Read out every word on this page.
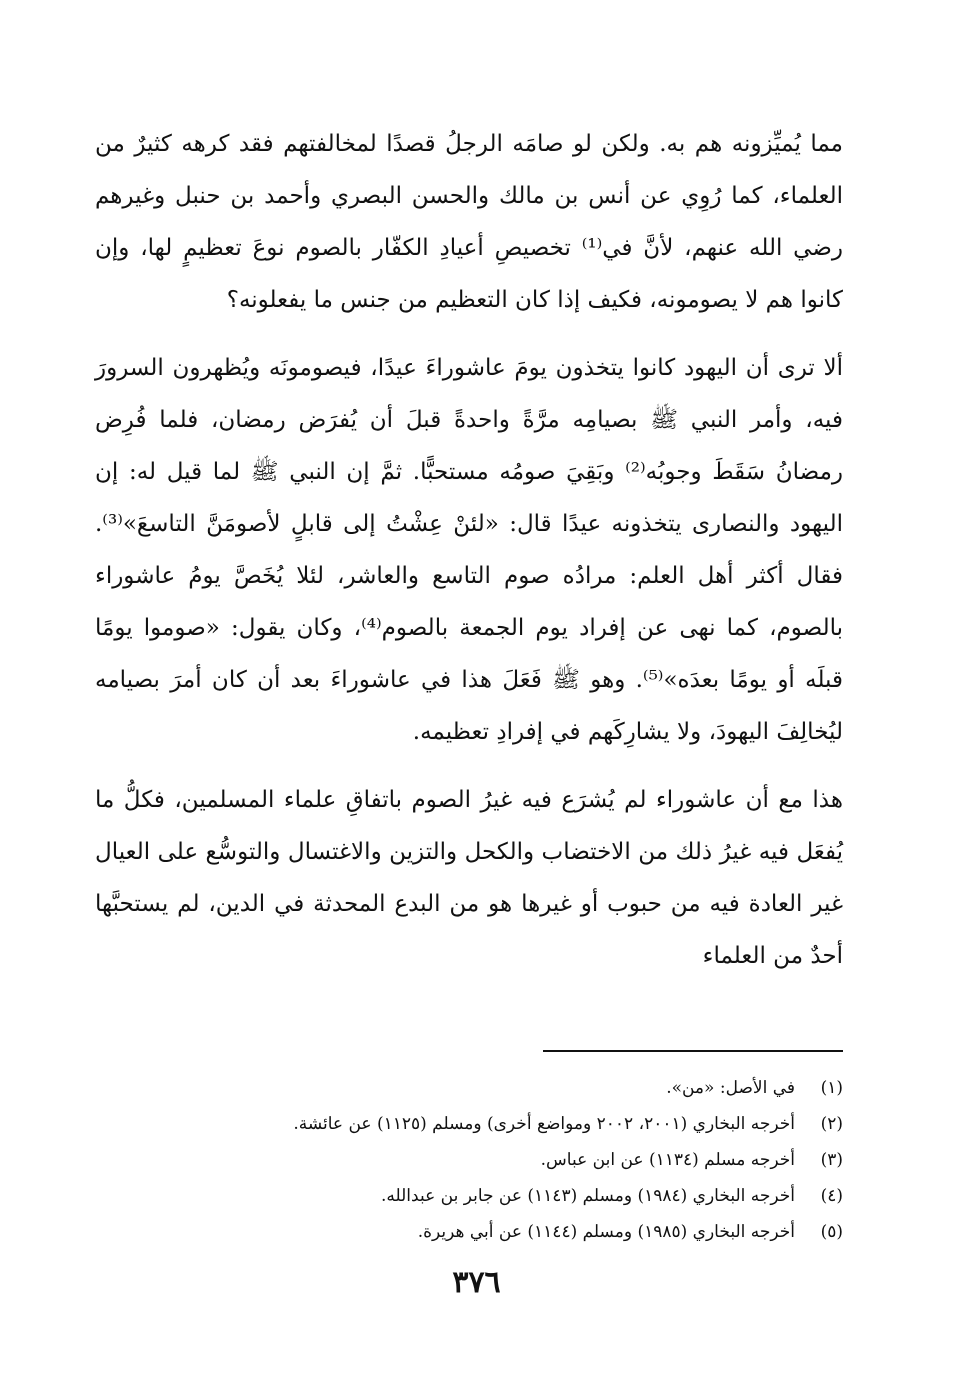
مما يُميِّزونه هم به. ولكن لو صامَه الرجلُ قصدًا لمخالفتهم فقد كرهه كثيرٌ من العلماء، كما رُوِي عن أنس بن مالك والحسن البصري وأحمد بن حنبل وغيرهم رضي الله عنهم، لأنَّ في⁽¹⁾ تخصيصِ أعيادِ الكفّار بالصوم نوعَ تعظيمٍ لها، وإن كانوا هم لا يصومونه، فكيف إذا كان التعظيم من جنس ما يفعلونه؟

ألا ترى أن اليهود كانوا يتخذون يومَ عاشوراءَ عيدًا، فيصومونَه ويُظهرون السرورَ فيه، وأمر النبي ﷺ بصيامِه مرَّةً واحدةً قبلَ أن يُفرَض رمضان، فلما فُرِض رمضانُ سَقَطَ وجوبُه⁽²⁾ وبَقِيَ صومُه مستحبًّا. ثمَّ إن النبي ﷺ لما قيل له: إن اليهود والنصارى يتخذونه عيدًا قال: «لئنْ عِشْتُ إلى قابلٍ لأصومَنَّ التاسعَ»⁽³⁾. فقال أكثر أهل العلم: مرادُه صوم التاسع والعاشر، لئلا يُخَصَّ يومُ عاشوراء بالصوم، كما نهى عن إفراد يوم الجمعة بالصوم⁽⁴⁾، وكان يقول: «صوموا يومًا قبلَه أو يومًا بعدَه»⁽⁵⁾. وهو ﷺ فَعَلَ هذا في عاشوراءَ بعد أن كان أمرَ بصيامه ليُخالِفَ اليهودَ، ولا يشارِكَهم في إفرادِ تعظيمه.

هذا مع أن عاشوراء لم يُشرَع فيه غيرُ الصوم باتفاقِ علماء المسلمين، فكلُّ ما يُفعَل فيه غيرُ ذلك من الاختضاب والكحل والتزين والاغتسال والتوسُّع على العيال غير العادة فيه من حبوب أو غيرها هو من البدع المحدثة في الدين، لم يستحبَّها أحدٌ من العلماء

(١)في الأصل: «من».
(٢)أخرجه البخاري (٢٠٠١، ٢٠٠٢ ومواضع أخرى) ومسلم (١١٢٥) عن عائشة.
(٣)أخرجه مسلم (١١٣٤) عن ابن عباس.
(٤)أخرجه البخاري (١٩٨٤) ومسلم (١١٤٣) عن جابر بن عبدالله.
(٥)أخرجه البخاري (١٩٨٥) ومسلم (١١٤٤) عن أبي هريرة.
٣٧٦
